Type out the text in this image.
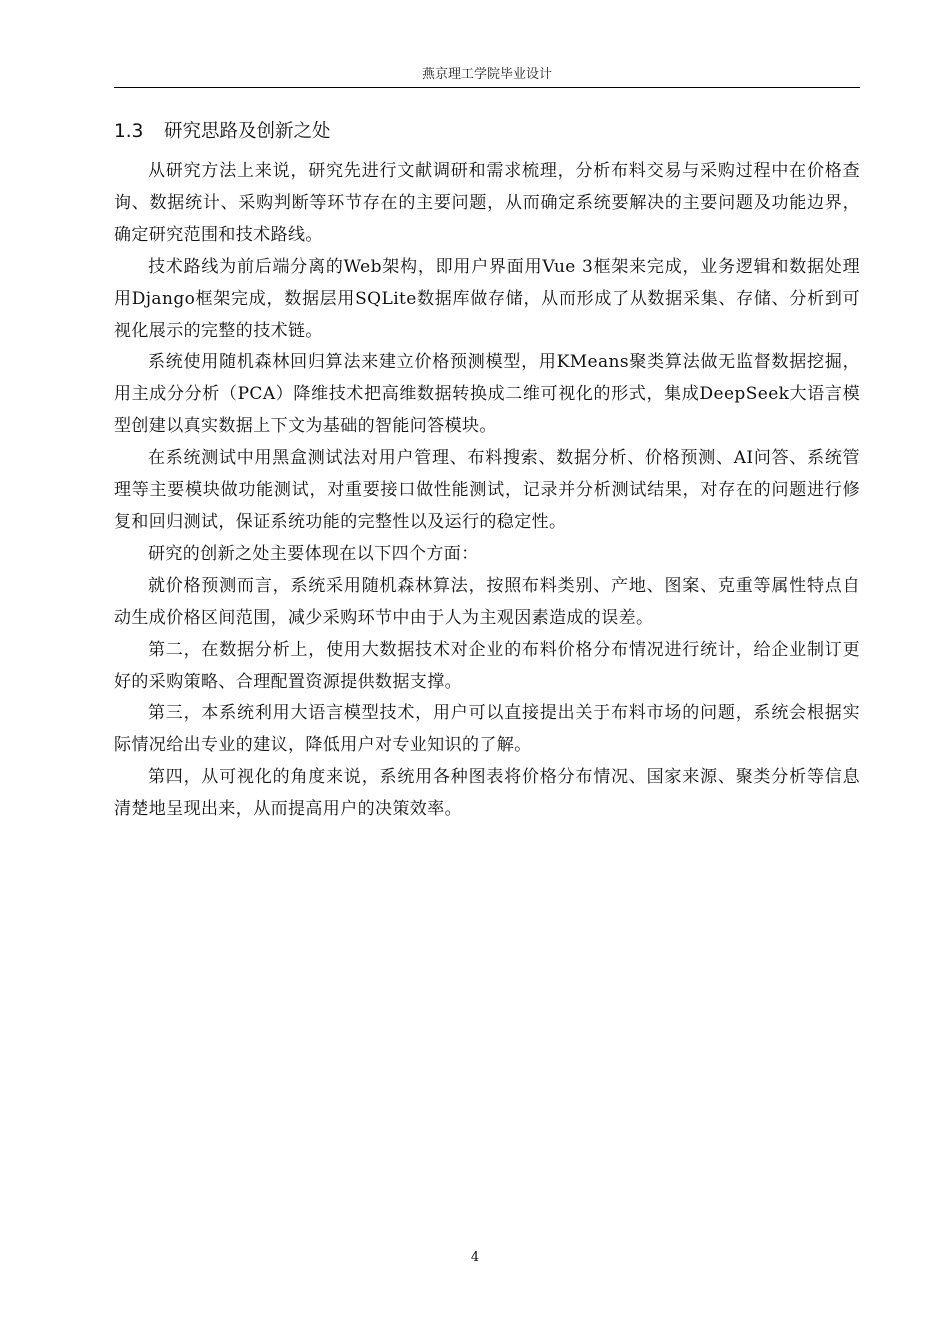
燕京理工学院毕业设计
1.3 研究思路及创新之处

从研究方法上来说，研究先进行文献调研和需求梳理，分析布料交易与采购过程中在价格查询、数据统计、采购判断等环节存在的主要问题，从而确定系统要解决的主要问题及功能边界，确定研究范围和技术路线。

技术路线为前后端分离的Web架构，即用户界面用Vue 3框架来完成，业务逻辑和数据处理用Django框架完成，数据层用SQLite数据库做存储，从而形成了从数据采集、存储、分析到可视化展示的完整的技术链。

系统使用随机森林回归算法来建立价格预测模型，用KMeans聚类算法做无监督数据挖掘，用主成分分析（PCA）降维技术把高维数据转换成二维可视化的形式，集成DeepSeek大语言模型创建以真实数据上下文为基础的智能问答模块。

在系统测试中用黑盒测试法对用户管理、布料搜索、数据分析、价格预测、AI问答、系统管理等主要模块做功能测试，对重要接口做性能测试，记录并分析测试结果，对存在的问题进行修复和回归测试，保证系统功能的完整性以及运行的稳定性。

研究的创新之处主要体现在以下四个方面：

就价格预测而言，系统采用随机森林算法，按照布料类别、产地、图案、克重等属性特点自动生成价格区间范围，减少采购环节中由于人为主观因素造成的误差。

第二，在数据分析上，使用大数据技术对企业的布料价格分布情况进行统计，给企业制订更好的采购策略、合理配置资源提供数据支撑。

第三，本系统利用大语言模型技术，用户可以直接提出关于布料市场的问题，系统会根据实际情况给出专业的建议，降低用户对专业知识的了解。

第四，从可视化的角度来说，系统用各种图表将价格分布情况、国家来源、聚类分析等信息清楚地呈现出来，从而提高用户的决策效率。

4
